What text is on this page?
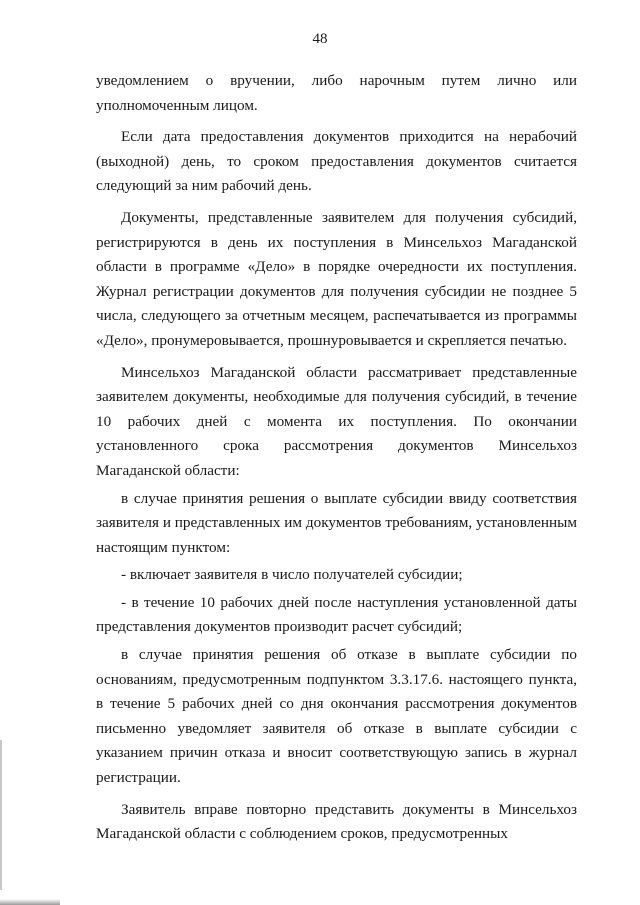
48

уведомлением о вручении, либо нарочным путем лично или уполномоченным лицом.

Если дата предоставления документов приходится на нерабочий (выходной) день, то сроком предоставления документов считается следующий за ним рабочий день.

Документы, представленные заявителем для получения субсидий, регистрируются в день их поступления в Минсельхоз Магаданской области в программе «Дело» в порядке очередности их поступления. Журнал регистрации документов для получения субсидии не позднее 5 числа, следующего за отчетным месяцем, распечатывается из программы «Дело», пронумеровывается, прошнуровывается и скрепляется печатью.

Минсельхоз Магаданской области рассматривает представленные заявителем документы, необходимые для получения субсидий, в течение 10 рабочих дней с момента их поступления. По окончании установленного срока рассмотрения документов Минсельхоз Магаданской области:

в случае принятия решения о выплате субсидии ввиду соответствия заявителя и представленных им документов требованиям, установленным настоящим пунктом:

- включает заявителя в число получателей субсидии;

- в течение 10 рабочих дней после наступления установленной даты представления документов производит расчет субсидий;

в случае принятия решения об отказе в выплате субсидии по основаниям, предусмотренным подпунктом 3.3.17.6. настоящего пункта, в течение 5 рабочих дней со дня окончания рассмотрения документов письменно уведомляет заявителя об отказе в выплате субсидии с указанием причин отказа и вносит соответствующую запись в журнал регистрации.

Заявитель вправе повторно представить документы в Минсельхоз Магаданской области с соблюдением сроков, предусмотренных
